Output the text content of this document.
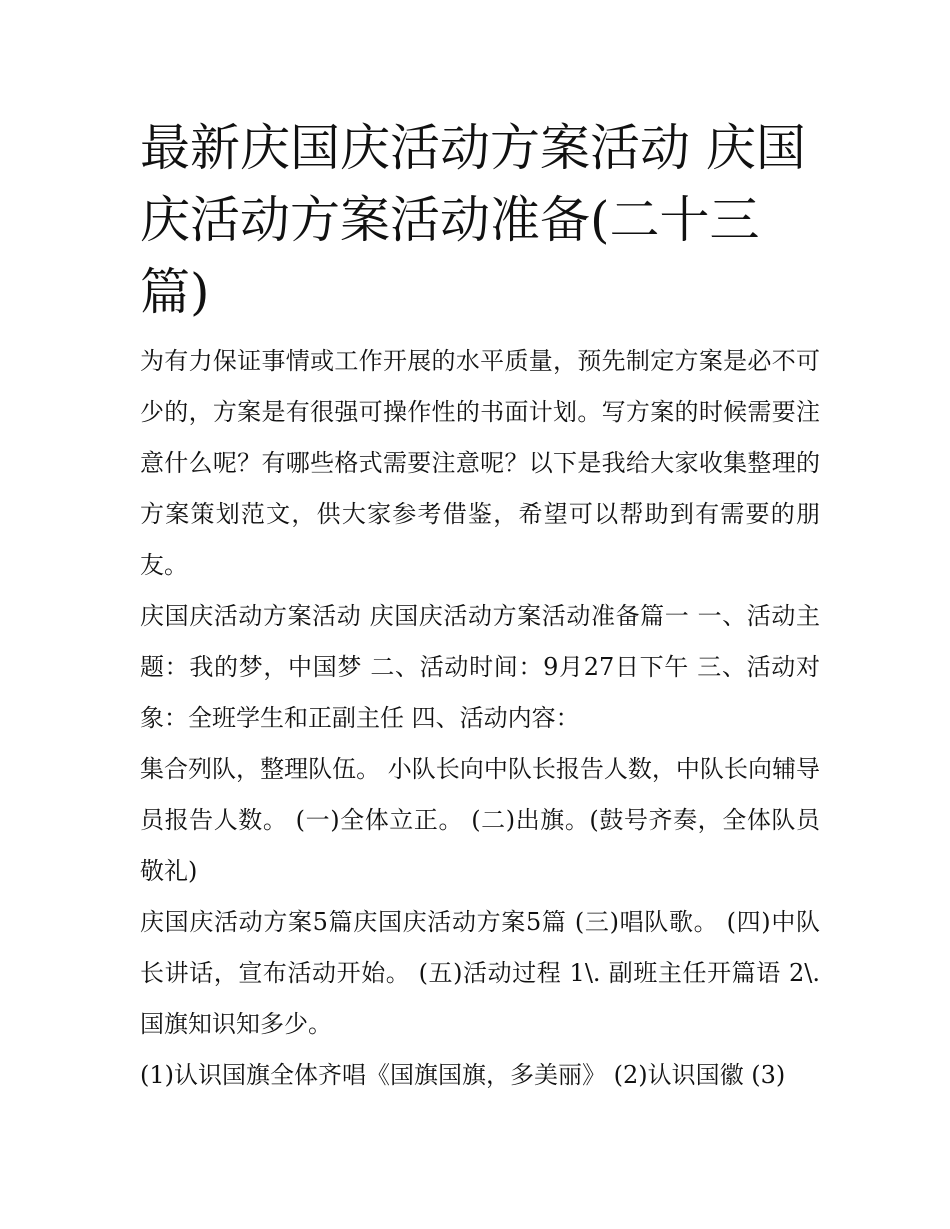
最新庆国庆活动方案活动 庆国庆活动方案活动准备(二十三篇)

为有力保证事情或工作开展的水平质量，预先制定方案是必不可少的，方案是有很强可操作性的书面计划。写方案的时候需要注意什么呢？有哪些格式需要注意呢？以下是我给大家收集整理的方案策划范文，供大家参考借鉴，希望可以帮助到有需要的朋友。

庆国庆活动方案活动 庆国庆活动方案活动准备篇一 一、活动主题：我的梦，中国梦 二、活动时间：9月27日下午 三、活动对象：全班学生和正副主任 四、活动内容：

集合列队，整理队伍。 小队长向中队长报告人数，中队长向辅导员报告人数。 (一)全体立正。 (二)出旗。(鼓号齐奏，全体队员敬礼)

庆国庆活动方案5篇庆国庆活动方案5篇 (三)唱队歌。 (四)中队长讲话，宣布活动开始。 (五)活动过程 1\. 副班主任开篇语 2\. 国旗知识知多少。

(1)认识国旗全体齐唱《国旗国旗，多美丽》 (2)认识国徽 (3)
